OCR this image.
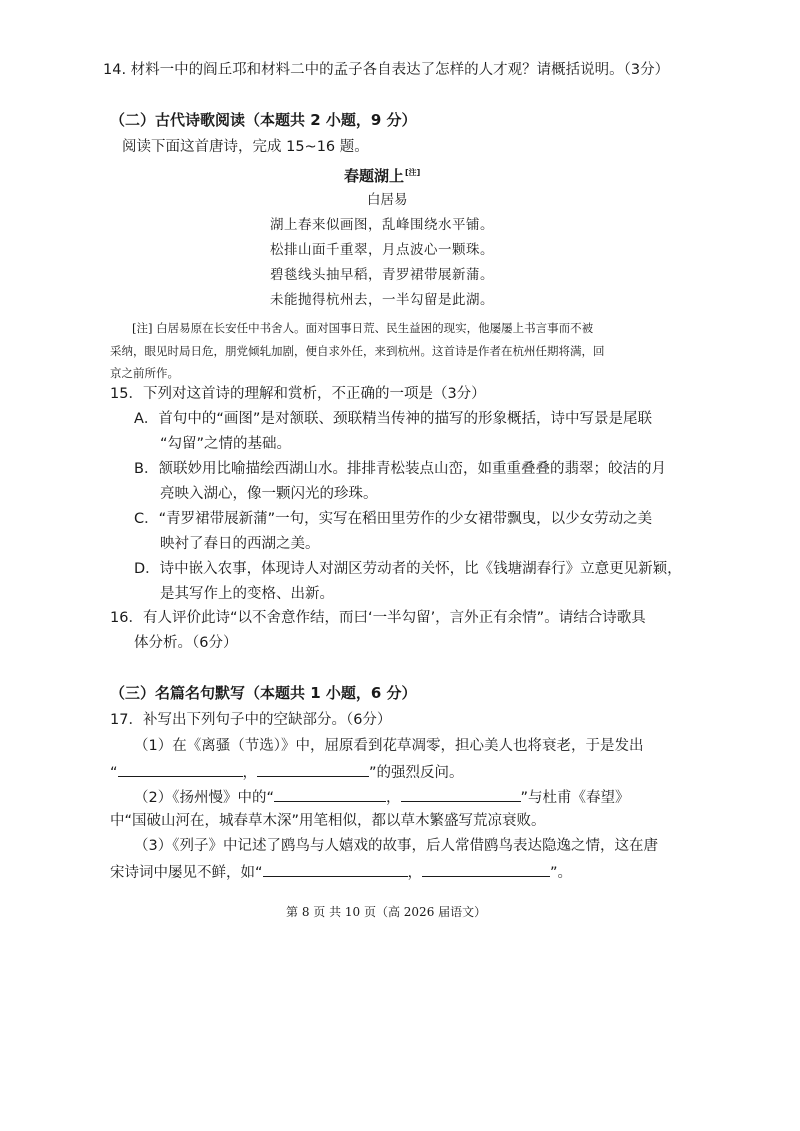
14. 材料一中的阎丘邛和材料二中的孟子各自表达了怎样的人才观？请概括说明。（3分）
（二）古代诗歌阅读（本题共 2 小题，9 分）
阅读下面这首唐诗，完成 15~16 题。
春题湖上[注]
白居易
湖上春来似画图，乱峰围绕水平铺。
松排山面千重翠，月点波心一颗珠。
碧毯线头抽早稻，青罗裙带展新蒲。
未能抛得杭州去，一半勾留是此湖。
[注] 白居易原在长安任中书舍人。面对国事日荒、民生益困的现实，他屡屡上书言事而不被
采纳，眼见时局日危，朋党倾轧加剧，便自求外任，来到杭州。这首诗是作者在杭州任期将满，回
京之前所作。
15．下列对这首诗的理解和赏析，不正确的一项是（3分）
A．首句中的“画图”是对颔联、颈联精当传神的描写的形象概括，诗中写景是尾联
“勾留”之情的基础。
B．颔联妙用比喻描绘西湖山水。排排青松装点山峦，如重重叠叠的翡翠；皎洁的月
亮映入湖心，像一颗闪光的珍珠。
C．“青罗裙带展新蒲”一句，实写在稻田里劳作的少女裙带飘曳，以少女劳动之美
映衬了春日的西湖之美。
D．诗中嵌入农事，体现诗人对湖区劳动者的关怀，比《钱塘湖春行》立意更见新颖，
是其写作上的变格、出新。
16．有人评价此诗“以不舍意作结，而曰‘一半勾留’，言外正有余情”。请结合诗歌具
体分析。（6分）
（三）名篇名句默写（本题共 1 小题，6 分）
17．补写出下列句子中的空缺部分。（6分）
（1）在《离骚（节选）》中，屈原看到花草凋零，担心美人也将衰老，于是发出
“	，	”的强烈反问。
（2）《扬州慢》中的“	，	”与杜甫《春望》
中“国破山河在，城春草木深”用笔相似，都以草木繁盛写荒凉衰败。
（3）《列子》中记述了鸥鸟与人嬉戏的故事，后人常借鸥鸟表达隐逸之情，这在唐
宋诗词中屡见不鲜，如“	，	”。
第 8 页 共 10 页（高 2026 届语文）
